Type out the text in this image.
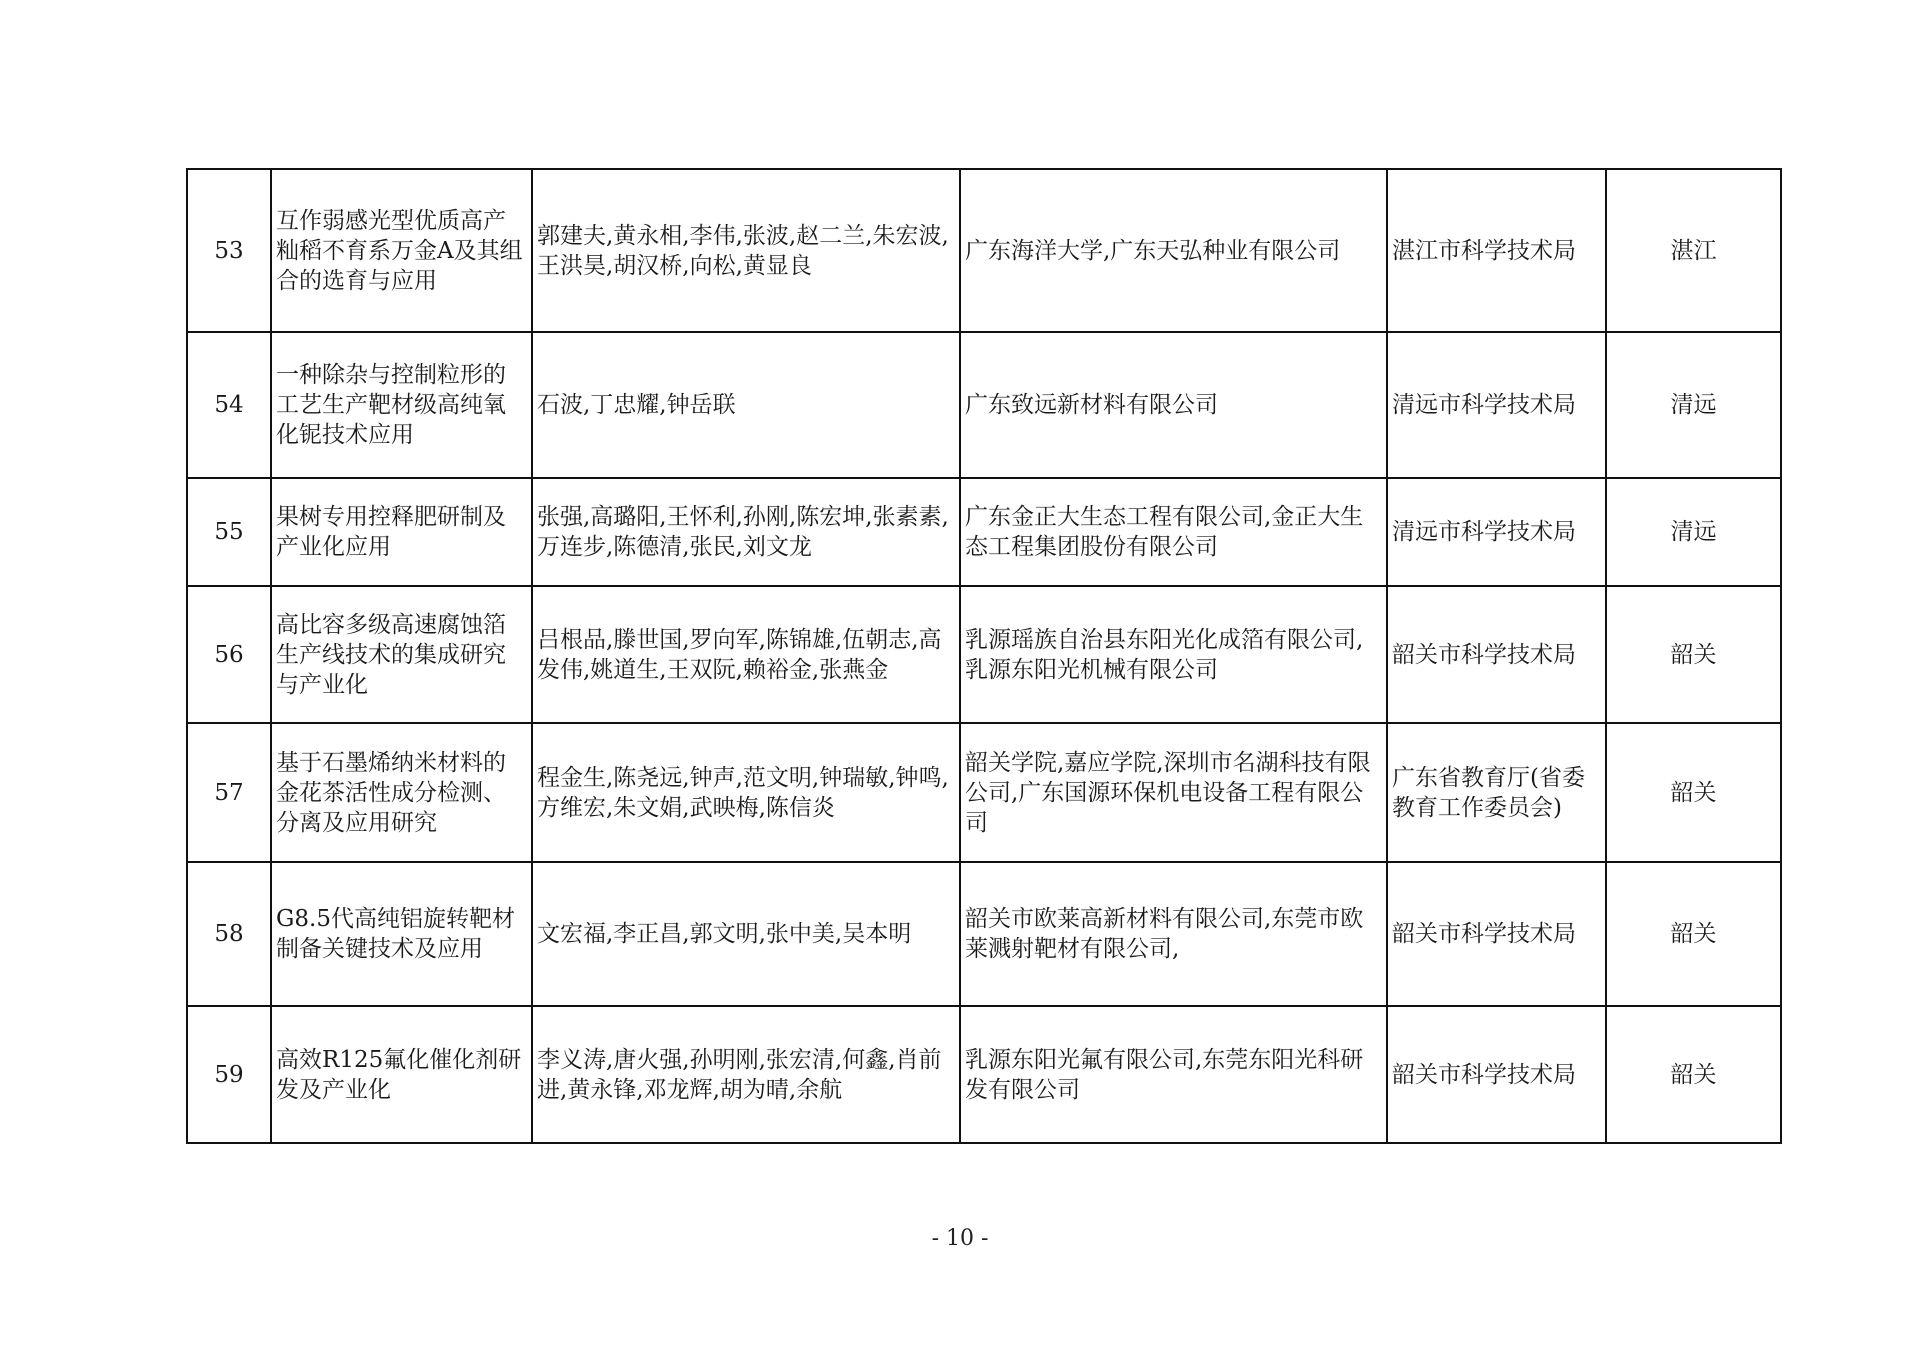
53	互作弱感光型优质高产籼稻不育系万金A及其组合的选育与应用	郭建夫,黄永相,李伟,张波,赵二兰,朱宏波,王洪昊,胡汉桥,向松,黄显良	广东海洋大学,广东天弘种业有限公司	湛江市科学技术局	湛江
54	一种除杂与控制粒形的工艺生产靶材级高纯氧化铌技术应用	石波,丁忠耀,钟岳联	广东致远新材料有限公司	清远市科学技术局	清远
55	果树专用控释肥研制及产业化应用	张强,高璐阳,王怀利,孙刚,陈宏坤,张素素,万连步,陈德清,张民,刘文龙	广东金正大生态工程有限公司,金正大生态工程集团股份有限公司	清远市科学技术局	清远
56	高比容多级高速腐蚀箔生产线技术的集成研究与产业化	吕根品,滕世国,罗向军,陈锦雄,伍朝志,高发伟,姚道生,王双阮,赖裕金,张燕金	乳源瑶族自治县东阳光化成箔有限公司,乳源东阳光机械有限公司	韶关市科学技术局	韶关
57	基于石墨烯纳米材料的金花茶活性成分检测、分离及应用研究	程金生,陈尧远,钟声,范文明,钟瑞敏,钟鸣,方维宏,朱文娟,武映梅,陈信炎	韶关学院,嘉应学院,深圳市名湖科技有限公司,广东国源环保机电设备工程有限公司	广东省教育厅(省委教育工作委员会)	韶关
58	G8.5代高纯铝旋转靶材制备关键技术及应用	文宏福,李正昌,郭文明,张中美,吴本明	韶关市欧莱高新材料有限公司,东莞市欧莱溅射靶材有限公司,	韶关市科学技术局	韶关
59	高效R125氟化催化剂研发及产业化	李义涛,唐火强,孙明刚,张宏清,何鑫,肖前进,黄永锋,邓龙辉,胡为晴,余航	乳源东阳光氟有限公司,东莞东阳光科研发有限公司	韶关市科学技术局	韶关
- 10 -
